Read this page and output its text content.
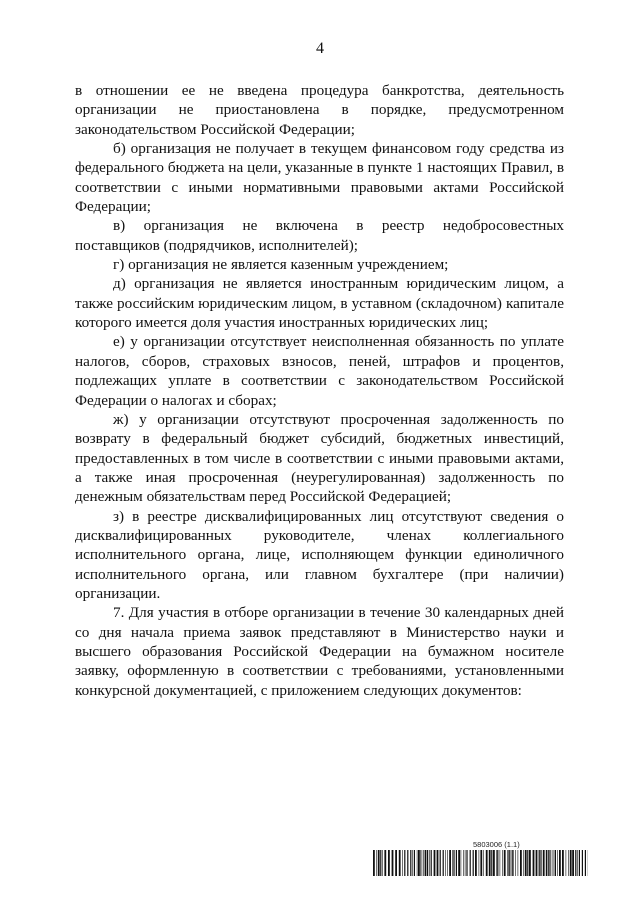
4

в отношении ее не введена процедура банкротства, деятельность организации не приостановлена в порядке, предусмотренном законодательством Российской Федерации;

б) организация не получает в текущем финансовом году средства из федерального бюджета на цели, указанные в пункте 1 настоящих Правил, в соответствии с иными нормативными правовыми актами Российской Федерации;

в) организация не включена в реестр недобросовестных поставщиков (подрядчиков, исполнителей);

г) организация не является казенным учреждением;

д) организация не является иностранным юридическим лицом, а также российским юридическим лицом, в уставном (складочном) капитале которого имеется доля участия иностранных юридических лиц;

е) у организации отсутствует неисполненная обязанность по уплате налогов, сборов, страховых взносов, пеней, штрафов и процентов, подлежащих уплате в соответствии с законодательством Российской Федерации о налогах и сборах;

ж) у организации отсутствуют просроченная задолженность по возврату в федеральный бюджет субсидий, бюджетных инвестиций, предоставленных в том числе в соответствии с иными правовыми актами, а также иная просроченная (неурегулированная) задолженность по денежным обязательствам перед Российской Федерацией;

з) в реестре дисквалифицированных лиц отсутствуют сведения о дисквалифицированных руководителе, членах коллегиального исполнительного органа, лице, исполняющем функции единоличного исполнительного органа, или главном бухгалтере (при наличии) организации.

7. Для участия в отборе организации в течение 30 календарных дней со дня начала приема заявок представляют в Министерство науки и высшего образования Российской Федерации на бумажном носителе заявку, оформленную в соответствии с требованиями, установленными конкурсной документацией, с приложением следующих документов:

5803006 (1.1)
